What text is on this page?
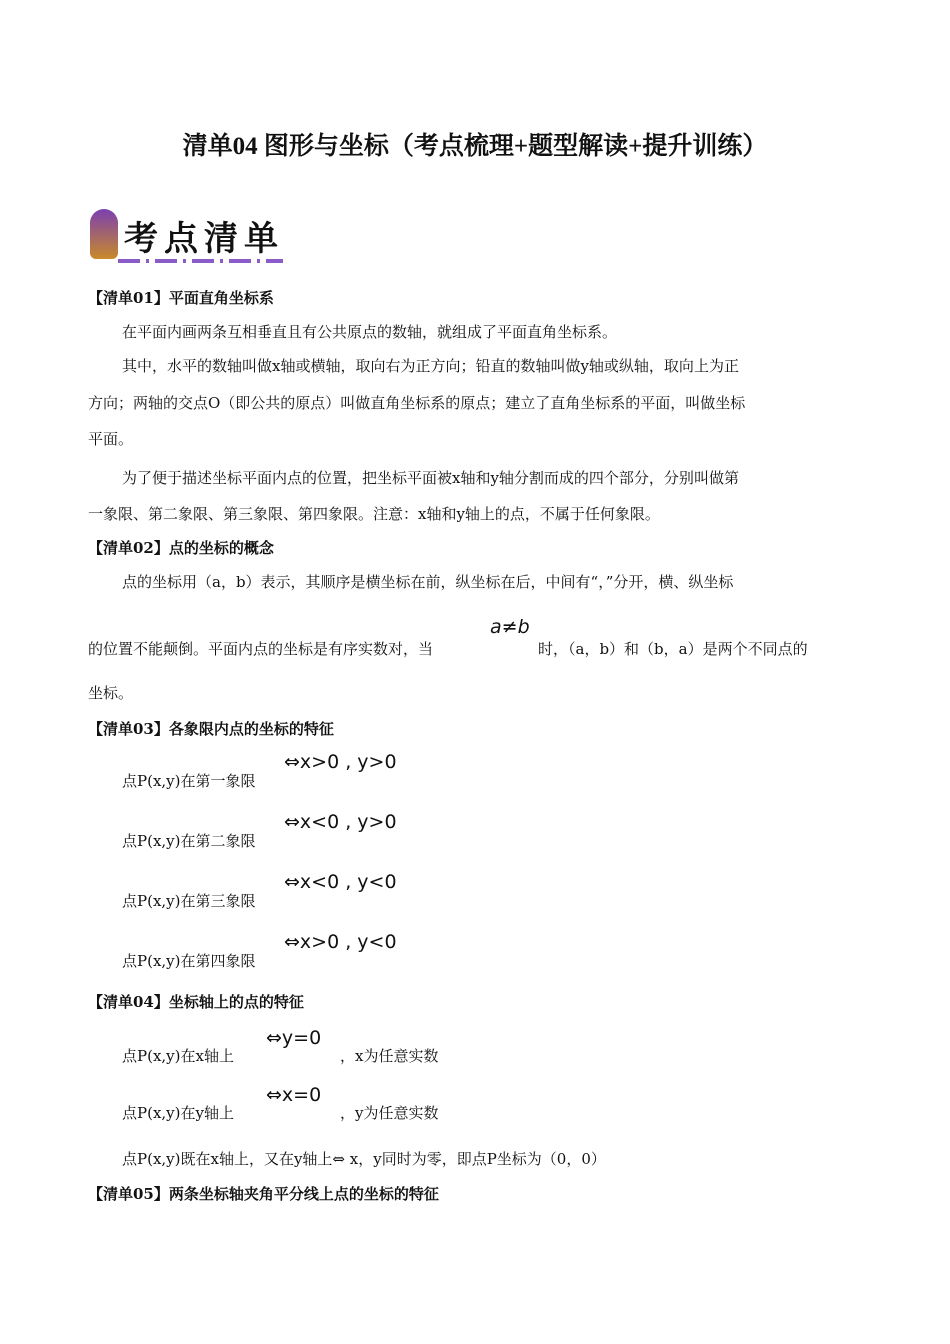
清单04 图形与坐标（考点梳理+题型解读+提升训练）
考点清单
【清单01】平面直角坐标系
在平面内画两条互相垂直且有公共原点的数轴，就组成了平面直角坐标系。
其中，水平的数轴叫做x轴或横轴，取向右为正方向；铅直的数轴叫做y轴或纵轴，取向上为正
方向；两轴的交点O（即公共的原点）叫做直角坐标系的原点；建立了直角坐标系的平面，叫做坐标
平面。
为了便于描述坐标平面内点的位置，把坐标平面被x轴和y轴分割而成的四个部分，分别叫做第
一象限、第二象限、第三象限、第四象限。注意：x轴和y轴上的点，不属于任何象限。
【清单02】点的坐标的概念
点的坐标用（a，b）表示，其顺序是横坐标在前，纵坐标在后，中间有“，”分开，横、纵坐标
的位置不能颠倒。平面内点的坐标是有序实数对，当
a≠b
时，（a，b）和（b，a）是两个不同点的
坐标。
【清单03】各象限内点的坐标的特征
点P(x,y)在第一象限
⇔x>0 , y>0
点P(x,y)在第二象限
⇔x<0 , y>0
点P(x,y)在第三象限
⇔x<0 , y<0
点P(x,y)在第四象限
⇔x>0 , y<0
【清单04】坐标轴上的点的特征
点P(x,y)在x轴上
⇔y=0
，x为任意实数
点P(x,y)在y轴上
⇔x=0
，y为任意实数
点P(x,y)既在x轴上，又在y轴上⇔ x，y同时为零，即点P坐标为（0，0）
【清单05】两条坐标轴夹角平分线上点的坐标的特征
